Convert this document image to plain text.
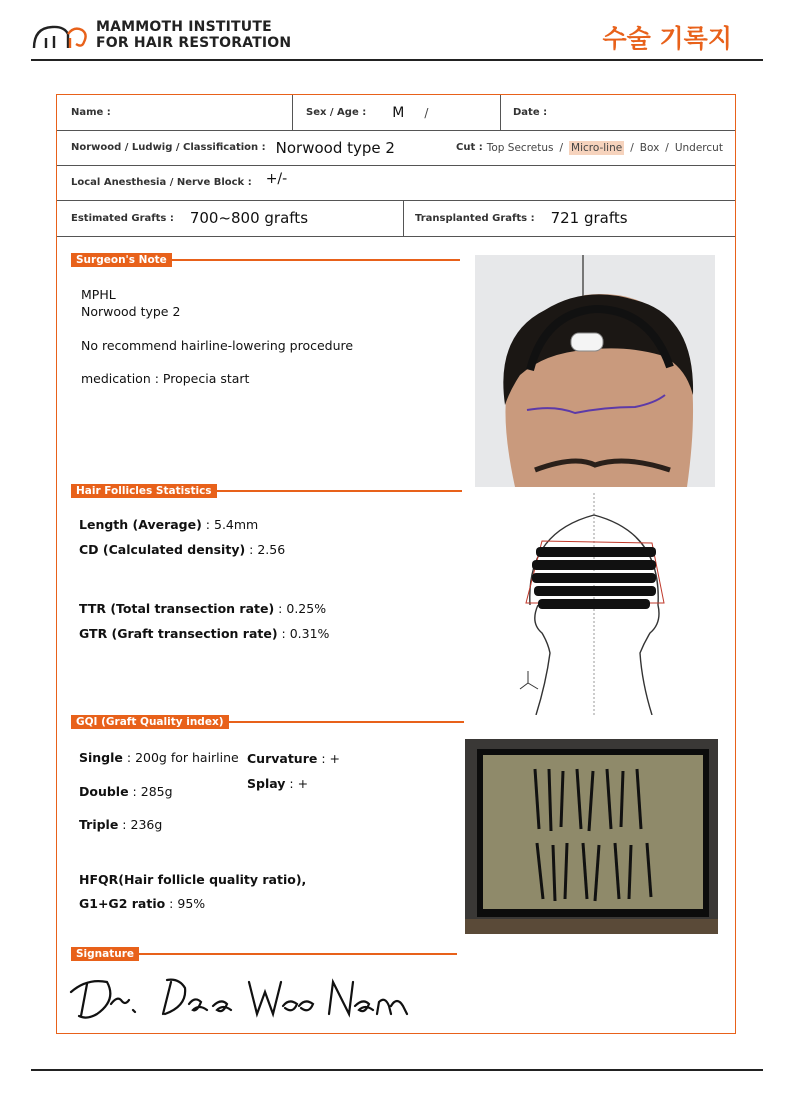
MAMMOTH INSTITUTE
FOR HAIR RESTORATION	수술 기록지
Name :	Sex / Age : M /	Date :
Norwood / Ludwig / Classification : Norwood type 2	Cut : Top Secretus / Micro-line / Box / Undercut
Local Anesthesia / Nerve Block : +/-
Estimated Grafts : 700~800 grafts	Transplanted Grafts : 721 grafts
Surgeon's Note
MPHL
Norwood type 2
No recommend hairline-lowering procedure
medication : Propecia start
Hair Follicles Statistics
Length (Average) : 5.4mm
CD (Calculated density) : 2.56
TTR (Total transection rate) : 0.25%
GTR (Graft transection rate) : 0.31%
GQI (Graft Quality index)
Single : 200g for hairline Curvature : +
Splay : +
Double : 285g
Triple : 236g
HFQR(Hair follicle quality ratio),
G1+G2 ratio : 95%
Signature
